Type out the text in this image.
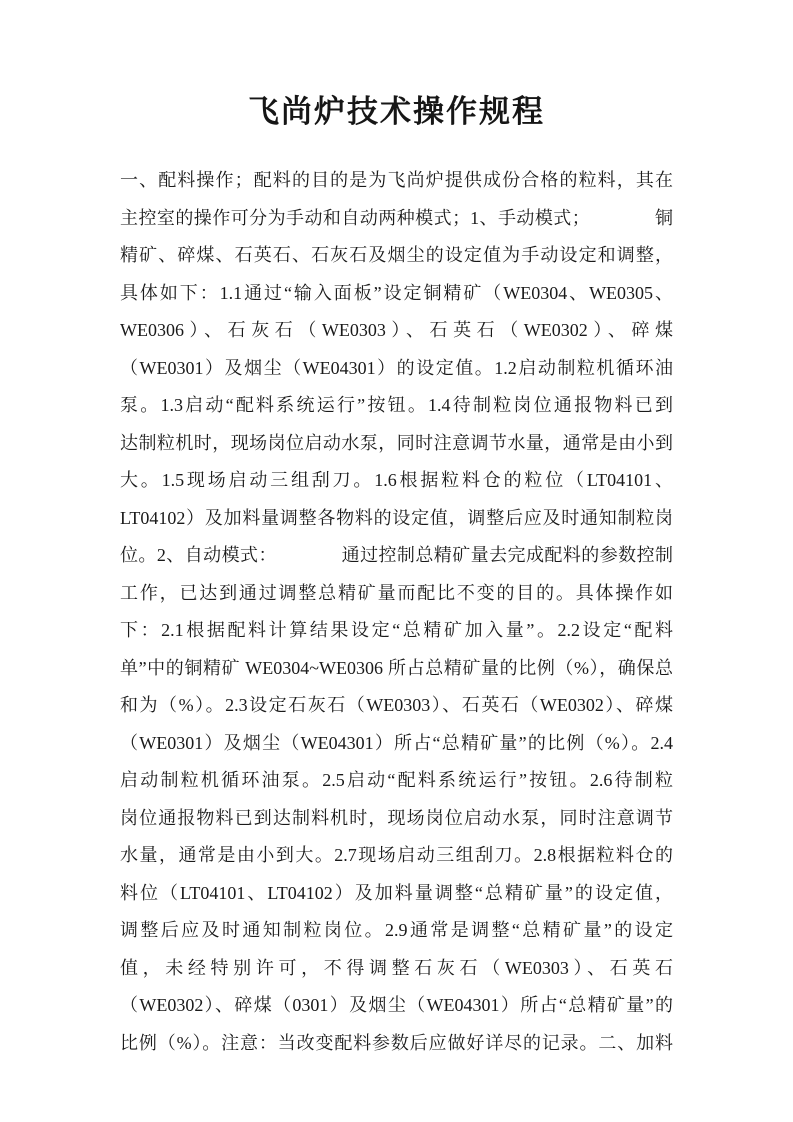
飞尚炉技术操作规程
一、配料操作；配料的目的是为飞尚炉提供成份合格的粒料，其在
主控室的操作可分为手动和自动两种模式；1、手动模式；　　　　铜
精矿、碎煤、石英石、石灰石及烟尘的设定值为手动设定和调整，
具体如下：1.1通过“输入面板”设定铜精矿（WE0304、WE0305、
WE0306）、石灰石（WE0303）、石英石（WE0302）、碎煤
（WE0301）及烟尘（WE04301）的设定值。1.2启动制粒机循环油
泵。1.3启动“配料系统运行”按钮。1.4待制粒岗位通报物料已到
达制粒机时，现场岗位启动水泵，同时注意调节水量，通常是由小到
大。1.5现场启动三组刮刀。1.6根据粒料仓的粒位（LT04101、
LT04102）及加料量调整各物料的设定值，调整后应及时通知制粒岗
位。2、自动模式：　　　　通过控制总精矿量去完成配料的参数控制
工作，已达到通过调整总精矿量而配比不变的目的。具体操作如
下：2.1根据配料计算结果设定“总精矿加入量”。2.2设定“配料
单”中的铜精矿 WE0304~WE0306 所占总精矿量的比例（%），确保总
和为（%）。2.3设定石灰石（WE0303）、石英石（WE0302）、碎煤
（WE0301）及烟尘（WE04301）所占“总精矿量”的比例（%）。2.4
启动制粒机循环油泵。2.5启动“配料系统运行”按钮。2.6待制粒
岗位通报物料已到达制料机时，现场岗位启动水泵，同时注意调节
水量，通常是由小到大。2.7现场启动三组刮刀。2.8根据粒料仓的
料位（LT04101、LT04102）及加料量调整“总精矿量”的设定值，
调整后应及时通知制粒岗位。2.9通常是调整“总精矿量”的设定
值，未经特别许可，不得调整石灰石（WE0303）、石英石
（WE0302）、碎煤（0301）及烟尘（WE04301）所占“总精矿量”的
比例（%）。注意：当改变配料参数后应做好详尽的记录。二、加料
